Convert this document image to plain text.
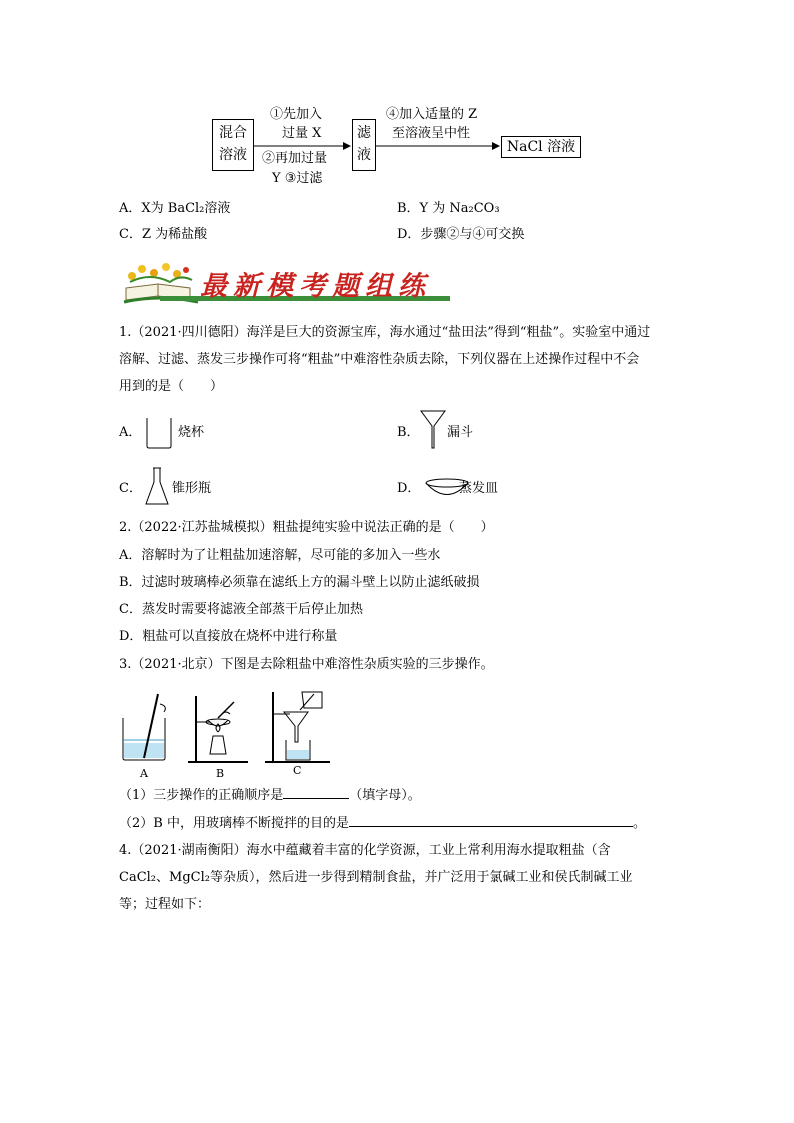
混合
溶液
①先加入
过量 X
②再加过量
Y ③过滤
滤
液
④加入适量的 Z
至溶液呈中性
NaCl 溶液
A．X为 BaCl₂溶液	B．Y 为 Na₂CO₃
C．Z 为稀盐酸	D．步骤②与④可交换
最新模考题组练
1.（2021·四川德阳）海洋是巨大的资源宝库，海水通过“盐田法”得到“粗盐”。实验室中通过
溶解、过滤、蒸发三步操作可将“粗盐”中难溶性杂质去除，下列仪器在上述操作过程中不会
用到的是（　　）
A．	烧杯	B． 漏斗
C． 锥形瓶	D．	蒸发皿
2.（2022·江苏盐城模拟）粗盐提纯实验中说法正确的是（　　）
A．溶解时为了让粗盐加速溶解，尽可能的多加入一些水
B．过滤时玻璃棒必须靠在滤纸上方的漏斗壁上以防止滤纸破损
C．蒸发时需要将滤液全部蒸干后停止加热
D．粗盐可以直接放在烧杯中进行称量
3.（2021·北京）下图是去除粗盐中难溶性杂质实验的三步操作。
A	B	C
（1）三步操作的正确顺序是	（填字母）。
（2）B 中，用玻璃棒不断搅拌的目的是	。
4.（2021·湖南衡阳）海水中蕴藏着丰富的化学资源，工业上常利用海水提取粗盐（含
CaCl₂、MgCl₂等杂质），然后进一步得到精制食盐，并广泛用于氯碱工业和侯氏制碱工业
等；过程如下：
